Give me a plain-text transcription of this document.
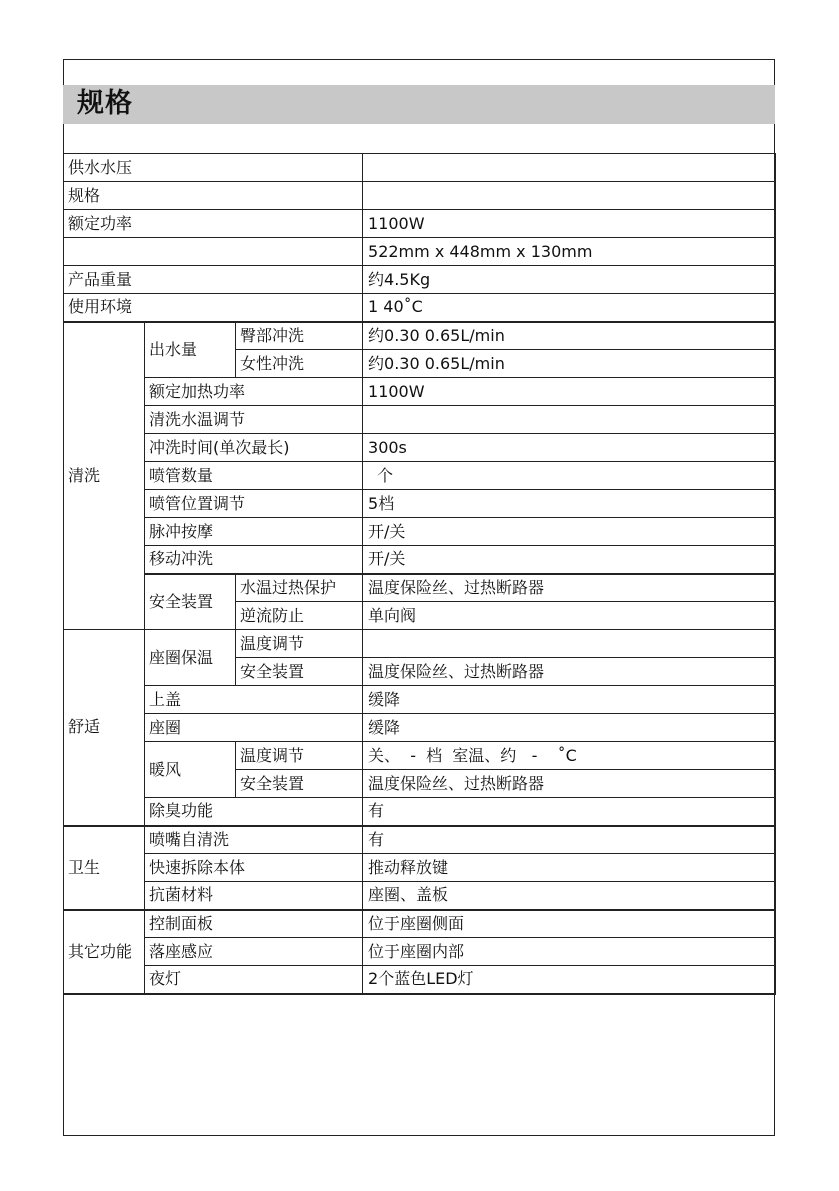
规格
供水水压			
规格			
额定功率			1100W
			522mm x 448mm x 130mm
产品重量			约4.5Kg
使用环境			1 40˚C
清洗	出水量	臀部冲洗	约0.30 0.65L/min
		女性冲洗	约0.30 0.65L/min
	额定加热功率		1100W
	清洗水温调节		
	冲洗时间(单次最长)		300s
	喷管数量		个
	喷管位置调节		5档
	脉冲按摩		开/关
	移动冲洗		开/关
	安全装置	水温过热保护	温度保险丝、过热断路器
		逆流防止	单向阀
舒适	座圈保温	温度调节	
		安全装置	温度保险丝、过热断路器
	上盖		缓降
	座圈		缓降
	暖风	温度调节	关、  -  档  室温、约   -    ˚C
		安全装置	温度保险丝、过热断路器
	除臭功能		有
卫生	喷嘴自清洗		有
	快速拆除本体		推动释放键
	抗菌材料		座圈、盖板
其它功能	控制面板		位于座圈侧面
	落座感应		位于座圈内部
	夜灯		2个蓝色LED灯
